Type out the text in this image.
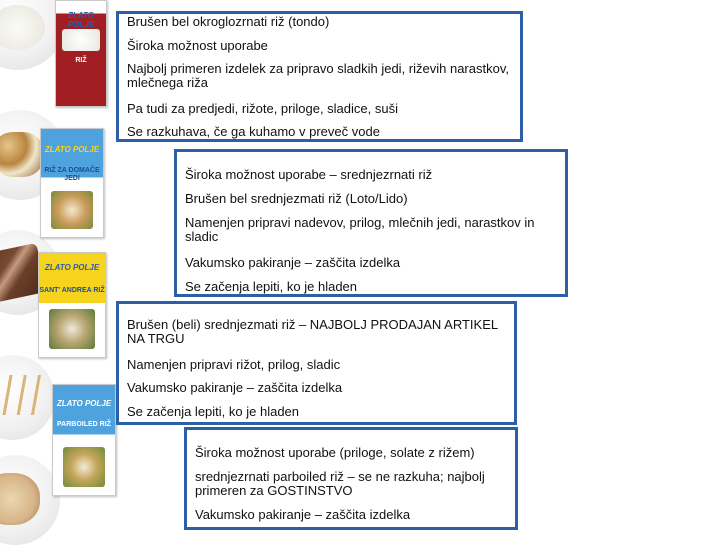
ZLATO POLJE
RIŽ
ZLATO POLJE
RIŽ ZA DOMAČE JEDI
ZLATO POLJE
SANT' ANDREA RIŽ
ZLATO POLJE
PARBOILED RIŽ

Brušen bel okroglozrnati riž (tondo)

Široka možnost uporabe

Najbolj primeren izdelek za pripravo sladkih jedi, riževih narastkov, mlečnega riža

Pa tudi za predjedi, rižote, priloge, sladice, suši

Se razkuhava, če ga kuhamo v preveč vode

Široka možnost uporabe – srednjezrnati riž

Brušen bel srednjezmati riž (Loto/Lido)

Namenjen pripravi nadevov, prilog, mlečnih jedi, narastkov in sladic

Vakumsko pakiranje – zaščita izdelka

Se začenja lepiti, ko je hladen

Brušen (beli) srednjezmati riž – NAJBOLJ PRODAJAN ARTIKEL NA TRGU

Namenjen pripravi rižot, prilog, sladic

Vakumsko pakiranje – zaščita izdelka

Se začenja lepiti, ko je hladen

Široka možnost uporabe (priloge, solate z rižem)

srednjezrnati parboiled riž – se ne razkuha; najbolj primeren za GOSTINSTVO

Vakumsko pakiranje – zaščita izdelka
